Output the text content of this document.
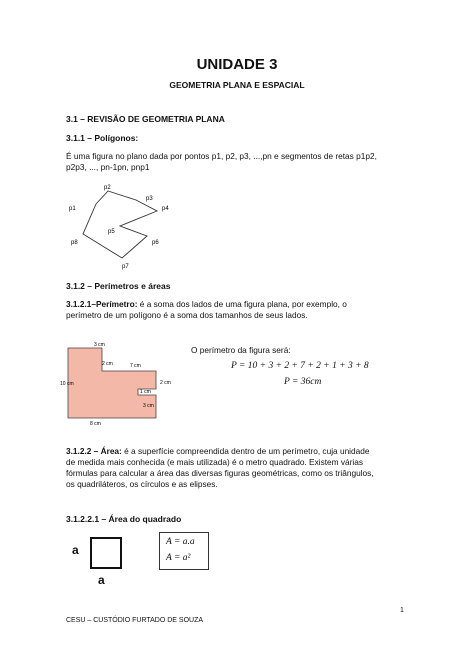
UNIDADE 3
GEOMETRIA PLANA E ESPACIAL
3.1 – REVISÃO DE GEOMETRIA PLANA
3.1.1 – Polígonos:
É uma figura no plano dada por pontos p1, p2, p3, ...,pn e segmentos de retas p1p2,
p2p3, ..., pn-1pn, pnp1
p1
p2
p3
p4
p5
p6
p7
p8
3.1.2 – Perímetros e áreas
3.1.2.1–Perímetro: é a soma dos lados de uma figura plana, por exemplo, o
perímetro de um polígono é a soma dos tamanhos de seus lados.
3 cm
2 cm	7 cm
2 cm
1 cm
3 cm
10 cm
8 cm
O perímetro da figura será:
P = 10 + 3 + 2 + 7 + 2 + 1 + 3 + 8
P = 36cm
3.1.2.2 – Área: é a superfície compreendida dentro de um perímetro, cuja unidade
de medida mais conhecida (e mais utilizada) é o metro quadrado. Existem várias
fórmulas para calcular a área das diversas figuras geométricas, como os triângulos,
os quadriláteros, os círculos e as elipses.
3.1.2.2.1 – Área do quadrado
a
a
A = a.a
A = a²
1
CESU – CUSTÓDIO FURTADO DE SOUZA
